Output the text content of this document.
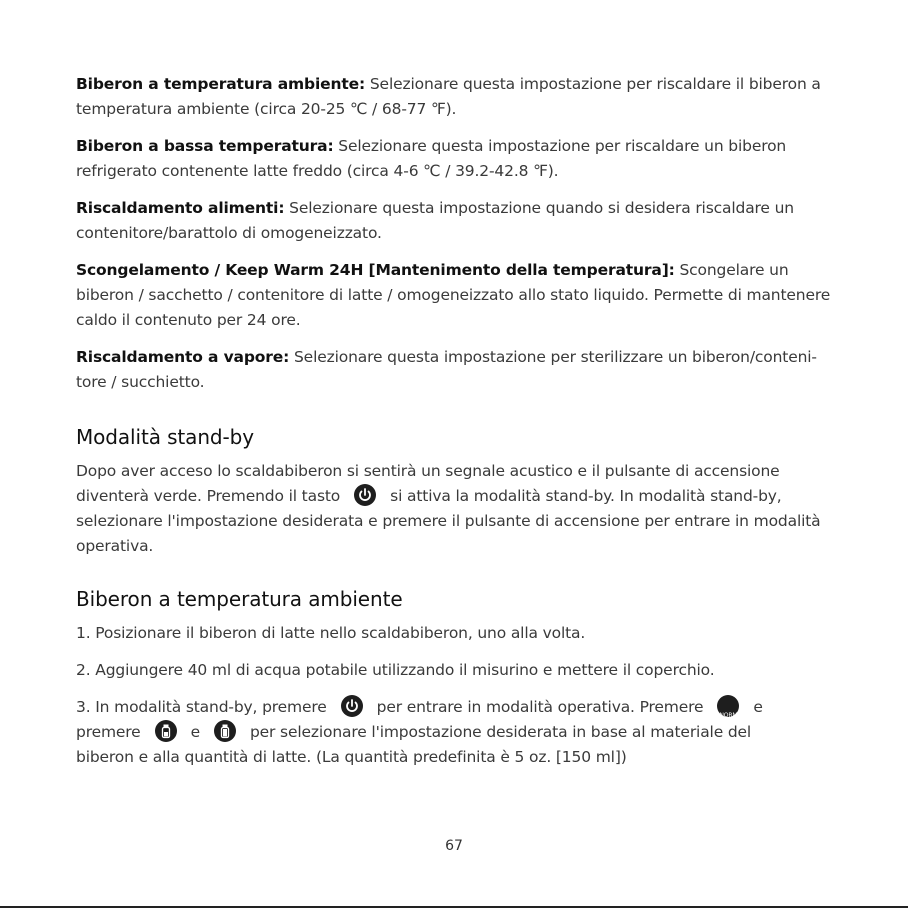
Biberon a temperatura ambiente: Selezionare questa impostazione per riscaldare il biberon a temperatura ambiente (circa 20-25 ℃ / 68-77 ℉).

Biberon a bassa temperatura: Selezionare questa impostazione per riscaldare un biberon refrigerato contenente latte freddo (circa 4-6 ℃ / 39.2-42.8 ℉).

Riscaldamento alimenti: Selezionare questa impostazione quando si desidera riscaldare un contenitore/barattolo di omogeneizzato.

Scongelamento / Keep Warm 24H [Mantenimento della temperatura]: Scongelare un biberon / sacchetto / contenitore di latte / omogeneizzato allo stato liquido. Permette di mantenere caldo il contenuto per 24 ore.

Riscaldamento a vapore: Selezionare questa impostazione per sterilizzare un biberon/conteni-tore / succhietto.

Modalità stand-by

Dopo aver acceso lo scaldabiberon si sentirà un segnale acustico e il pulsante di accensione diventerà verde. Premendo il tasto	si attiva la modalità stand-by. In modalità stand-by, selezionare l'impostazione desiderata e premere il pulsante di accensione per entrare in modalità operativa.

Biberon a temperatura ambiente

1. Posizionare il biberon di latte nello scaldabiberon, uno alla volta.

2. Aggiungere 40 ml di acqua potabile utilizzando il misurino e mettere il coperchio.

3. In modalità stand-by, premere	per entrare in modalità operativa. Premere	NORM e premere	e	per selezionare l'impostazione desiderata in base al materiale del biberon e alla quantità di latte. (La quantità predefinita è 5 oz. [150 ml])

67
